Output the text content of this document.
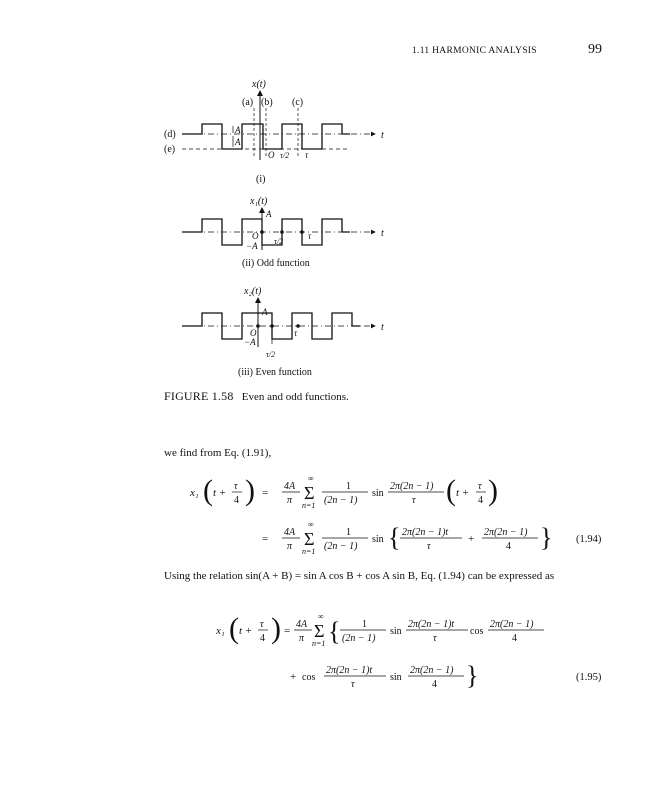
1.11 HARMONIC ANALYSIS	99
x(t)
(a) (b) (c)
A
A
(d)
(e)
t
O τ/2 τ
(i)
x₁(t)
A
O
−A τ/2
τ	t
(ii) Odd function
x₂(t)
A
O
−A
τ/2
τ	t
(iii) Even function
FIGURE 1.58 Even and odd functions.
we find from Eq. (1.91),
x₁ ( t +
τ
4 ) =
4A
π
∞
Σ
n=1
1
(2n − 1)
sin
2π(2n − 1)
τ ( t +
τ
4 )
=
4A
π
∞
Σ
n=1
1
(2n − 1)
sin { 2π(2n − 1)t
τ
+
2π(2n − 1)
4 } (1.94)
Using the relation sin(A + B) = sin A cos B + cos A sin B, Eq. (1.94) can be expressed as
x₁ ( t +
τ
4 ) =
4A
π
∞
Σ
n=1 { 1
(2n − 1)
sin
2π(2n − 1)t
τ
cos
2π(2n − 1)
4
+ cos
2π(2n − 1)t
τ
sin
2π(2n − 1)
4 }	(1.95)
